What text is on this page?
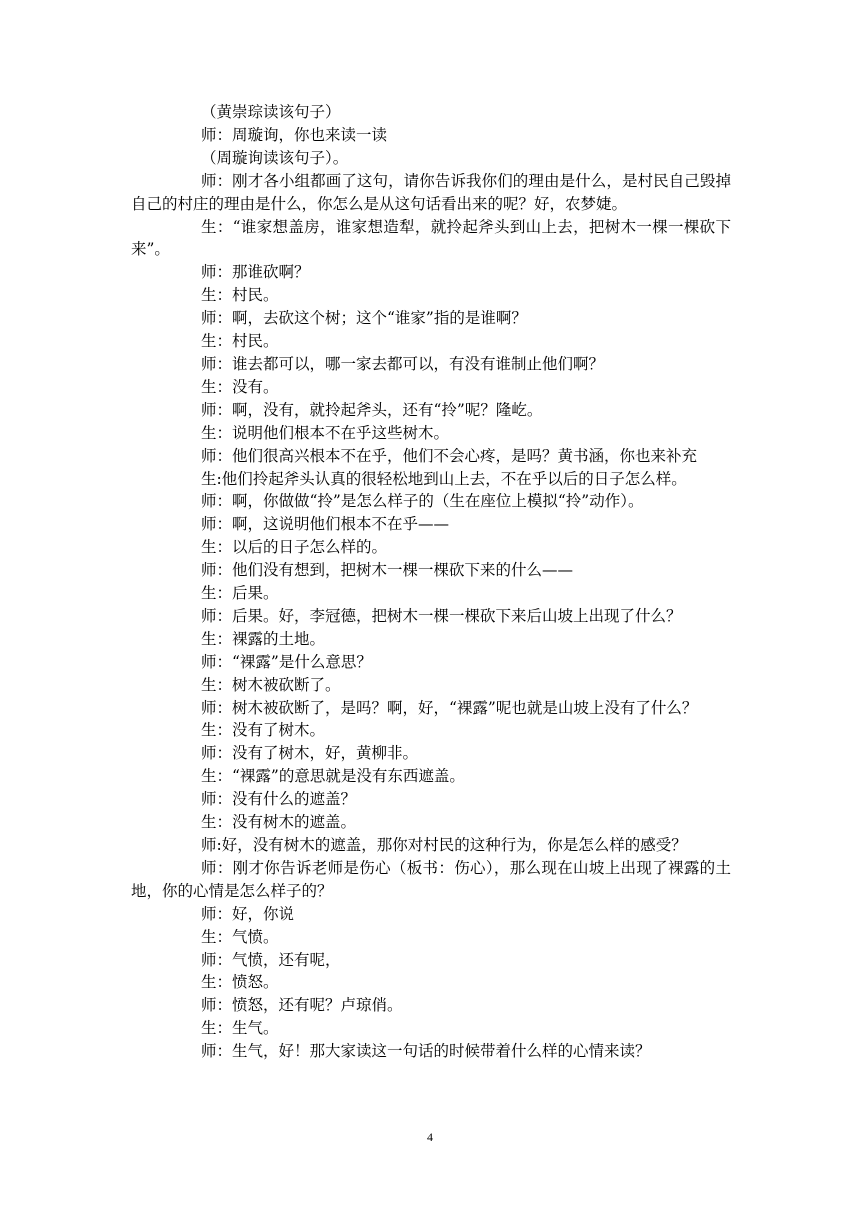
（黄崇琮读该句子）

师：周璇询，你也来读一读

（周璇询读该句子）。

师：刚才各小组都画了这句，请你告诉我你们的理由是什么，是村民自己毁掉自己的村庄的理由是什么，你怎么是从这句话看出来的呢？好，农梦婕。

生：“谁家想盖房，谁家想造犁，就拎起斧头到山上去，把树木一棵一棵砍下来”。

师：那谁砍啊？

生：村民。

师：啊，去砍这个树；这个“谁家”指的是谁啊？

生：村民。

师：谁去都可以，哪一家去都可以，有没有谁制止他们啊？

生：没有。

师：啊，没有，就拎起斧头，还有“拎”呢？隆屹。

生：说明他们根本不在乎这些树木。

师：他们很高兴根本不在乎，他们不会心疼，是吗？黄书涵，你也来补充

生:他们拎起斧头认真的很轻松地到山上去，不在乎以后的日子怎么样。

师：啊，你做做“拎”是怎么样子的（生在座位上模拟“拎”动作）。

师：啊，这说明他们根本不在乎——

生：以后的日子怎么样的。

师：他们没有想到，把树木一棵一棵砍下来的什么——

生：后果。

师：后果。好，李冠德，把树木一棵一棵砍下来后山坡上出现了什么？

生：裸露的土地。

师：“裸露”是什么意思？

生：树木被砍断了。

师：树木被砍断了，是吗？啊，好，“裸露”呢也就是山坡上没有了什么？

生：没有了树木。

师：没有了树木，好，黄柳非。

生：“裸露”的意思就是没有东西遮盖。

师：没有什么的遮盖？

生：没有树木的遮盖。

师:好，没有树木的遮盖，那你对村民的这种行为，你是怎么样的感受？

师：刚才你告诉老师是伤心（板书：伤心），那么现在山坡上出现了裸露的土地，你的心情是怎么样子的？

师：好，你说

生：气愤。

师：气愤，还有呢，

生：愤怒。

师：愤怒，还有呢？卢琼俏。

生：生气。

师：生气，好！那大家读这一句话的时候带着什么样的心情来读？

4
